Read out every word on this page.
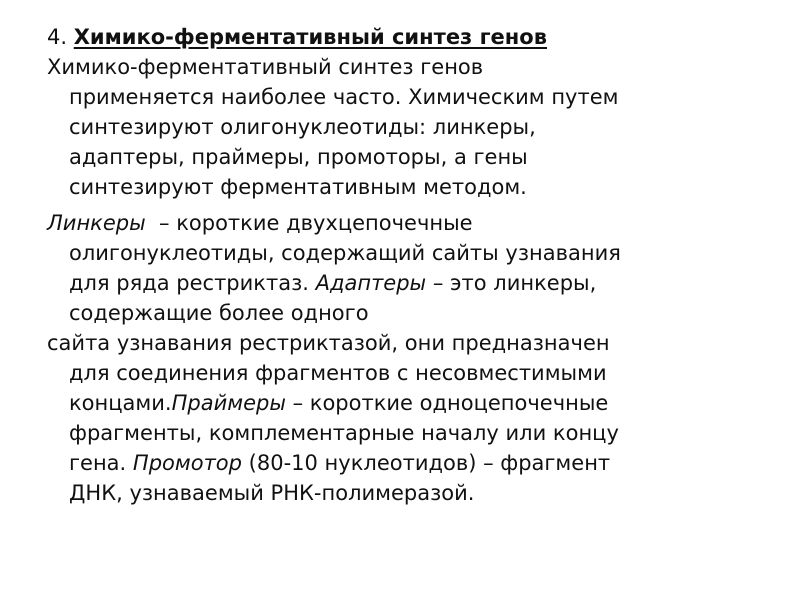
4. Химико-ферментативный синтез генов
Химико-ферментативный синтез генов
применяется наиболее часто. Химическим путем
синтезируют олигонуклеотиды: линкеры,
адаптеры, праймеры, промоторы, а гены
синтезируют ферментативным методом.
Линкеры  – короткие двухцепочечные
олигонуклеотиды, содержащий сайты узнавания
для ряда рестриктаз. Адаптеры – это линкеры,
содержащие более одного
сайта узнавания рестриктазой, они предназначен
для соединения фрагментов с несовместимыми
концами.Праймеры – короткие одноцепочечные
фрагменты, комплементарные началу или концу
гена. Промотор (80-10 нуклеотидов) – фрагмент
ДНК, узнаваемый РНК-полимеразой.
